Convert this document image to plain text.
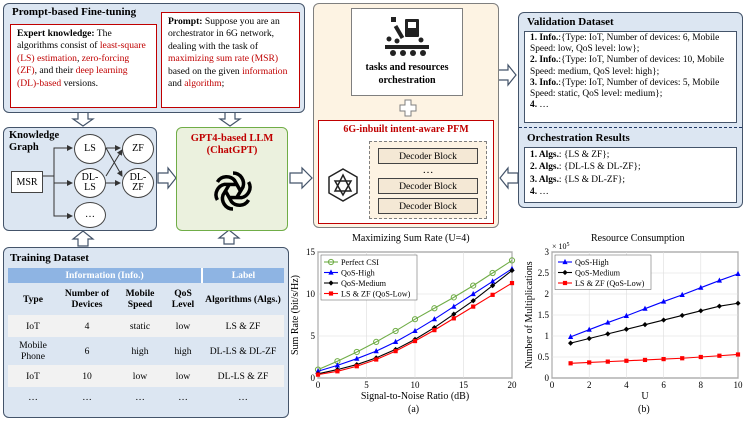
Prompt-based Fine-tuning
Expert knowledge: The algorithms consist of least-square (LS) estimation, zero-forcing (ZF), and their deep learning (DL)-based versions.
Prompt: Suppose you are an orchestrator in 6G network, dealing with the task of maximizing sum rate (MSR) based on the given information and algorithm;
Knowledge
Graph
MSR
LS
DL-
LS
ZF
DL-
ZF
…
GPT4-based LLM
(ChatGPT)
tasks and resources
orchestration
6G-inbuilt intent-aware PFM
Decoder Block
…
Decoder Block
Decoder Block
Validation Dataset
1. Info.:{Type: IoT, Number of devices: 6, Mobile Speed: low, QoS level: low};
2. Info.:{Type: IoT, Number of devices: 10, Mobile Speed: medium, QoS level: high};
3. Info.:{Type: IoT, Number of devices: 5, Mobile Speed: static, QoS level: medium};
4. …
Orchestration Results
1. Algs.: {LS & ZF};
2. Algs.: {DL-LS & DL-ZF};
3. Algs.: {LS & DL-ZF};
4. …
Training Dataset
Information (Info.)				Label
Type	Number of Devices	Mobile Speed	QoS Level	Algorithms (Algs.)
IoT	4	static	low	LS & ZF
Mobile Phone	6	high	high	DL-LS & DL-ZF
IoT	10	low	low	DL-LS & ZF
…	…	…	…	…
Maximizing Sum Rate (U=4)
0	5	10	15	20
0
5
10
15
Signal-to-Noise Ratio (dB)
Sum Rate (bit/s/Hz)
Perfect CSI
QoS-High
QoS-Medium
LS & ZF (QoS-Low)
(a)
Resource Consumption
0	2	4	6	8	10
0
0.5
1
1.5
2
2.5
3
U
Number of Multiplications
× $10^5$
QoS-High
QoS-Medium
LS & ZF (QoS-Low)
(b)
